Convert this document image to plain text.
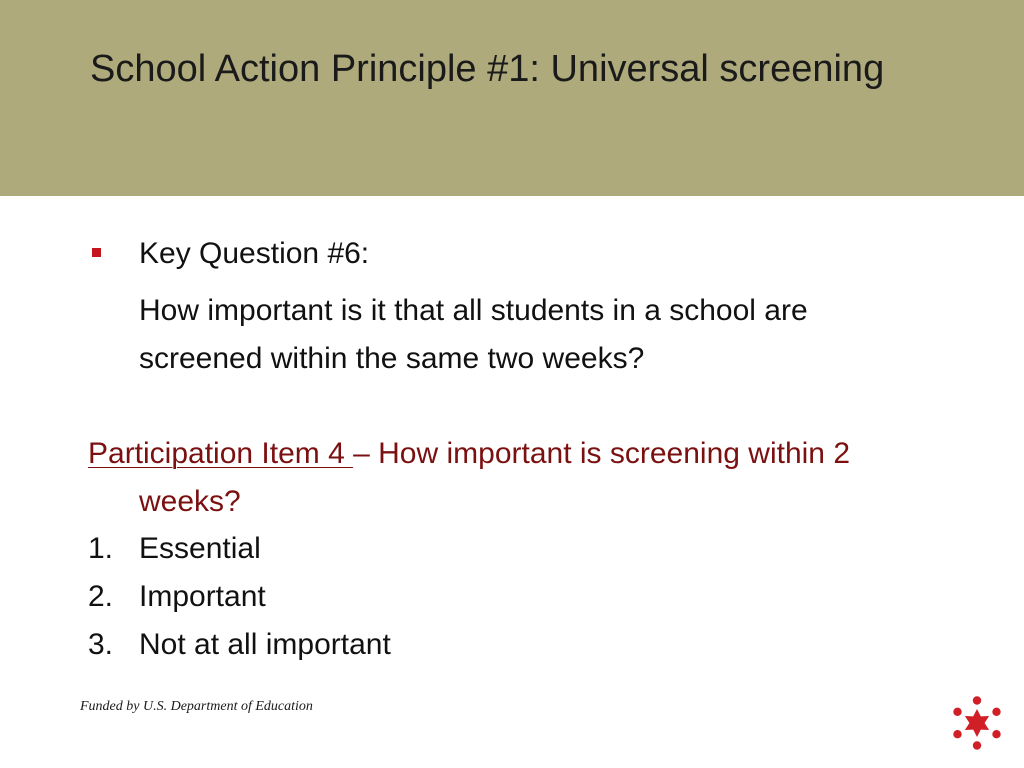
School Action Principle #1: Universal screening
Key Question #6:
How important is it that all students in a school are screened within the same two weeks?
Participation Item 4 – How important is screening within 2
weeks?
1. Essential
2. Important
3. Not at all important
Funded by U.S. Department of Education
